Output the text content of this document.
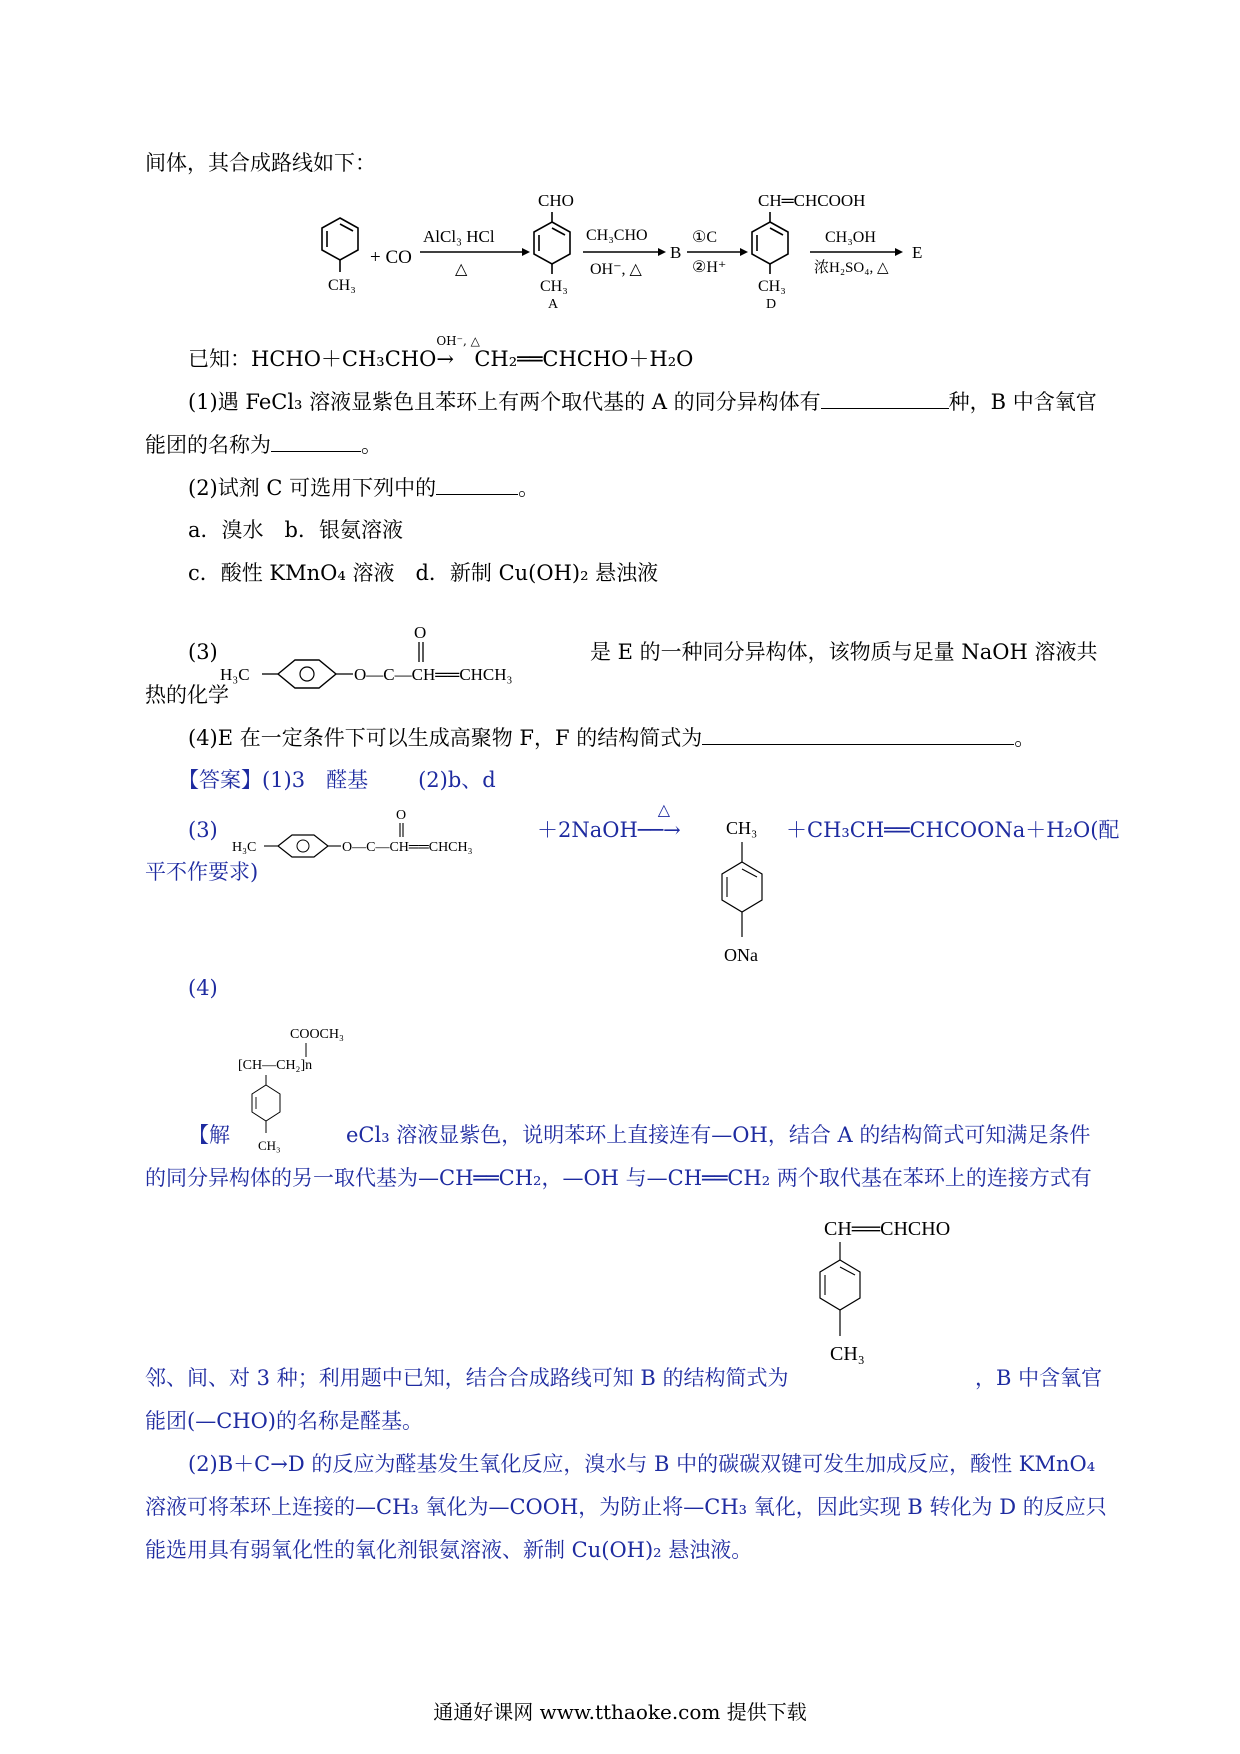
间体，其合成路线如下：
CH₃
+ CO
AlCl₃ HCl
△
CHO
CH₃
A
CH₃CHO
OH⁻, △
B
①C
②H⁺
CH═CHCOOH
CH₃
D
CH₃OH
浓H₂SO₄, △
E
已知：HCHO＋CH₃CHO
OH⁻, △
→ CH₂══CHCHO＋H₂O
(1)遇 FeCl₃ 溶液显紫色且苯环上有两个取代基的 A 的同分异构体有	种，B 中含氧官
能团的名称为	。
(2)试剂 C 可选用下列中的	。
a．溴水　b．银氨溶液
c．酸性 KMnO₄ 溶液　d．新制 Cu(OH)₂ 悬浊液
(3)
O
H₃C	O—C—CH══CHCH₃
是 E 的一种同分异构体，该物质与足量 NaOH 溶液共
热的化学
(4)E 在一定条件下可以生成高聚物 F，F 的结构简式为	。
【答案】(1)3　醛基 (2)b、d
(3)
O
H₃C	O—C—CH══CHCH₃
＋2NaOH
△
──→	CH₃
ONa
＋CH₃CH══CHCOONa＋H₂O(配
平不作要求)
(4)
COOCH₃
[CH—CH₂]n
CH₃
【解	eCl₃ 溶液显紫色，说明苯环上直接连有—OH，结合 A 的结构简式可知满足条件
的同分异构体的另一取代基为—CH══CH₂，—OH 与—CH══CH₂ 两个取代基在苯环上的连接方式有
CH══CHCHO
CH₃
邻、间、对 3 种；利用题中已知，结合合成路线可知 B 的结构简式为	，B 中含氧官
能团(—CHO)的名称是醛基。
(2)B＋C→D 的反应为醛基发生氧化反应，溴水与 B 中的碳碳双键可发生加成反应，酸性 KMnO₄
溶液可将苯环上连接的—CH₃ 氧化为—COOH，为防止将—CH₃ 氧化，因此实现 B 转化为 D 的反应只
能选用具有弱氧化性的氧化剂银氨溶液、新制 Cu(OH)₂ 悬浊液。
通通好课网 www.tthaoke.com 提供下载
